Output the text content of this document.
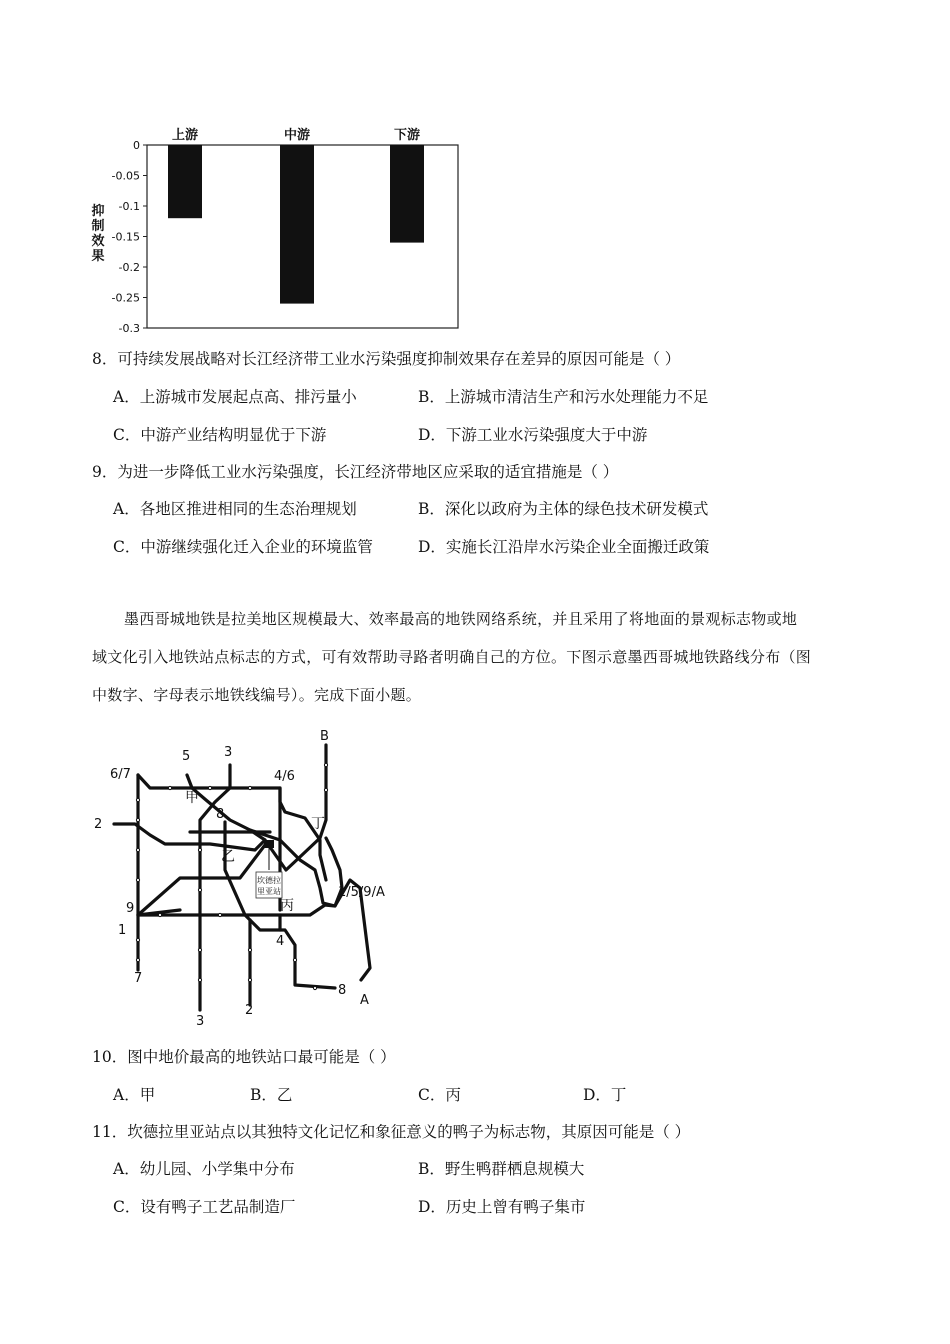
0
-0.05
-0.1
-0.15
-0.2
-0.25
-0.3
上游	中游	下游
抑制效果
8．可持续发展战略对长江经济带工业水污染强度抑制效果存在差异的原因可能是（ ）
A．上游城市发展起点高、排污量小	B．上游城市清洁生产和污水处理能力不足
C．中游产业结构明显优于下游	D．下游工业水污染强度大于中游
9．为进一步降低工业水污染强度，长江经济带地区应采取的适宜措施是（ ）
A．各地区推进相同的生态治理规划	B．深化以政府为主体的绿色技术研发模式
C．中游继续强化迁入企业的环境监管	D．实施长江沿岸水污染企业全面搬迁政策

墨西哥城地铁是拉美地区规模最大、效率最高的地铁网络系统，并且采用了将地面的景观标志物或地

域文化引入地铁站点标志的方式，可有效帮助寻路者明确自己的方位。下图示意墨西哥城地铁路线分布（图

中数字、字母表示地铁线编号）。完成下面小题。

坎德拉
里亚站
6/7
5	3
4/6
B
2
8
1/5/9/A
9
1
7
4
8
A
2
3
甲
乙
丙
丁
10．图中地价最高的地铁站口最可能是（ ）
A．甲	B．乙	C．丙	D．丁
11．坎德拉里亚站点以其独特文化记忆和象征意义的鸭子为标志物，其原因可能是（ ）
A．幼儿园、小学集中分布	B．野生鸭群栖息规模大
C．设有鸭子工艺品制造厂	D．历史上曾有鸭子集市
